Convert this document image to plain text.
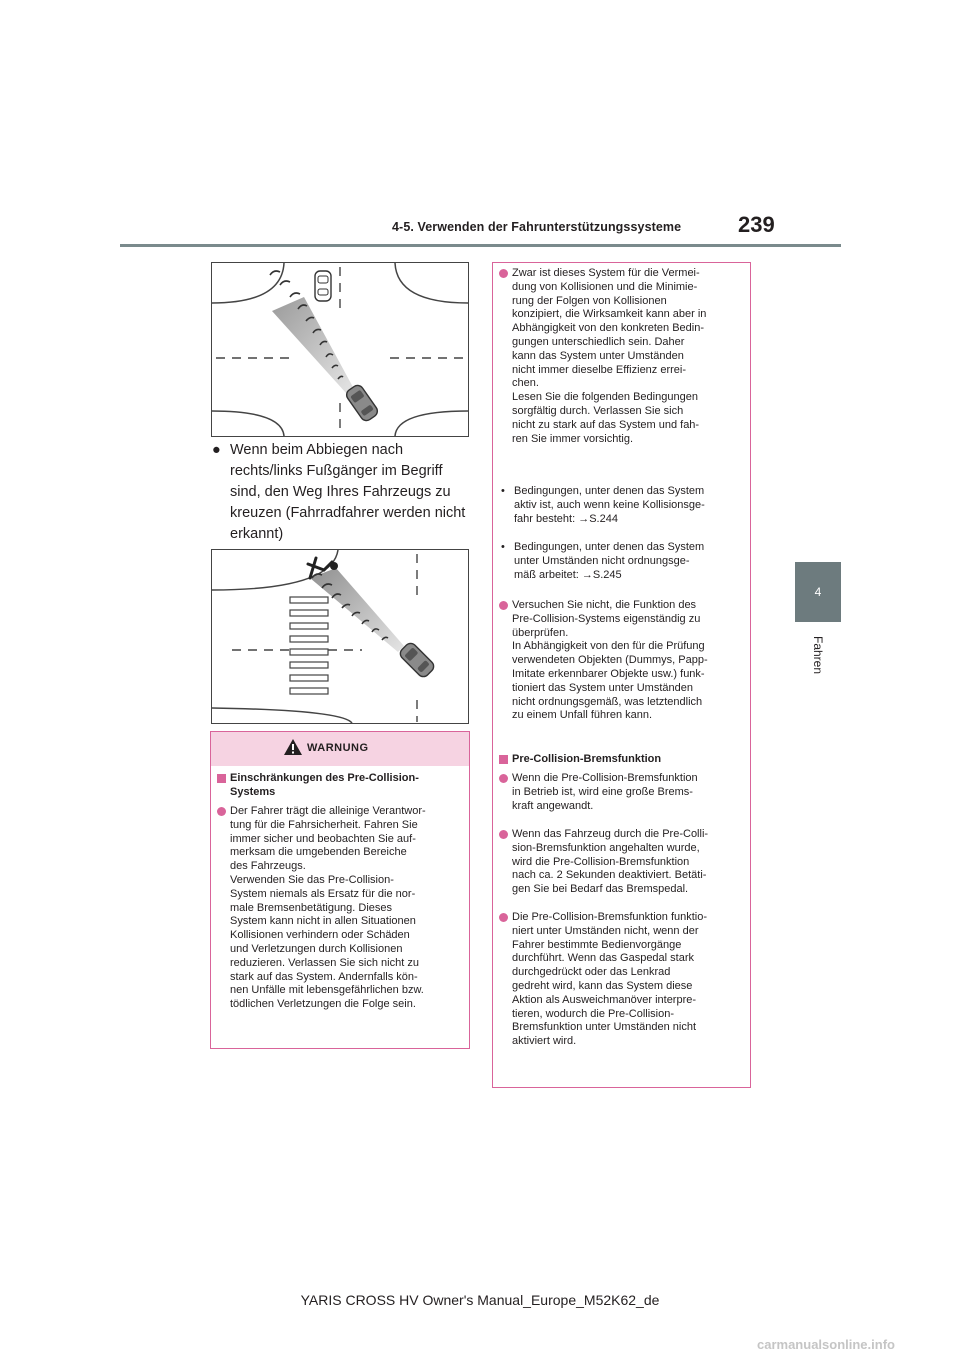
4-5. Verwenden der Fahrunterstützungssysteme	239
4
Fahren
● Wenn beim Abbiegen nach rechts/links Fußgänger im Begriff sind, den Weg Ihres Fahrzeugs zu kreuzen (Fahrradfahrer werden nicht erkannt)
WARNUNG
Einschränkungen des Pre-Collision-
Systems
Der Fahrer trägt die alleinige Verantwor-
tung für die Fahrsicherheit. Fahren Sie
immer sicher und beobachten Sie auf-
merksam die umgebenden Bereiche
des Fahrzeugs.
Verwenden Sie das Pre-Collision-
System niemals als Ersatz für die nor-
male Bremsenbetätigung. Dieses
System kann nicht in allen Situationen
Kollisionen verhindern oder Schäden
und Verletzungen durch Kollisionen
reduzieren. Verlassen Sie sich nicht zu
stark auf das System. Andernfalls kön-
nen Unfälle mit lebensgefährlichen bzw.
tödlichen Verletzungen die Folge sein.
Zwar ist dieses System für die Vermei-
dung von Kollisionen und die Minimie-
rung der Folgen von Kollisionen
konzipiert, die Wirksamkeit kann aber in
Abhängigkeit von den konkreten Bedin-
gungen unterschiedlich sein. Daher
kann das System unter Umständen
nicht immer dieselbe Effizienz errei-
chen.
Lesen Sie die folgenden Bedingungen
sorgfältig durch. Verlassen Sie sich
nicht zu stark auf das System und fah-
ren Sie immer vorsichtig.
• Bedingungen, unter denen das System
aktiv ist, auch wenn keine Kollisionsge-
fahr besteht: →S.244
• Bedingungen, unter denen das System
unter Umständen nicht ordnungsge-
mäß arbeitet: →S.245
Versuchen Sie nicht, die Funktion des
Pre-Collision-Systems eigenständig zu
überprüfen.
In Abhängigkeit von den für die Prüfung
verwendeten Objekten (Dummys, Papp-
Imitate erkennbarer Objekte usw.) funk-
tioniert das System unter Umständen
nicht ordnungsgemäß, was letztendlich
zu einem Unfall führen kann.
Pre-Collision-Bremsfunktion
Wenn die Pre-Collision-Bremsfunktion
in Betrieb ist, wird eine große Brems-
kraft angewandt.
Wenn das Fahrzeug durch die Pre-Colli-
sion-Bremsfunktion angehalten wurde,
wird die Pre-Collision-Bremsfunktion
nach ca. 2 Sekunden deaktiviert. Betäti-
gen Sie bei Bedarf das Bremspedal.
Die Pre-Collision-Bremsfunktion funktio-
niert unter Umständen nicht, wenn der
Fahrer bestimmte Bedienvorgänge
durchführt. Wenn das Gaspedal stark
durchgedrückt oder das Lenkrad
gedreht wird, kann das System diese
Aktion als Ausweichmanöver interpre-
tieren, wodurch die Pre-Collision-
Bremsfunktion unter Umständen nicht
aktiviert wird.
YARIS CROSS HV Owner's Manual_Europe_M52K62_de
carmanualsonline.info
